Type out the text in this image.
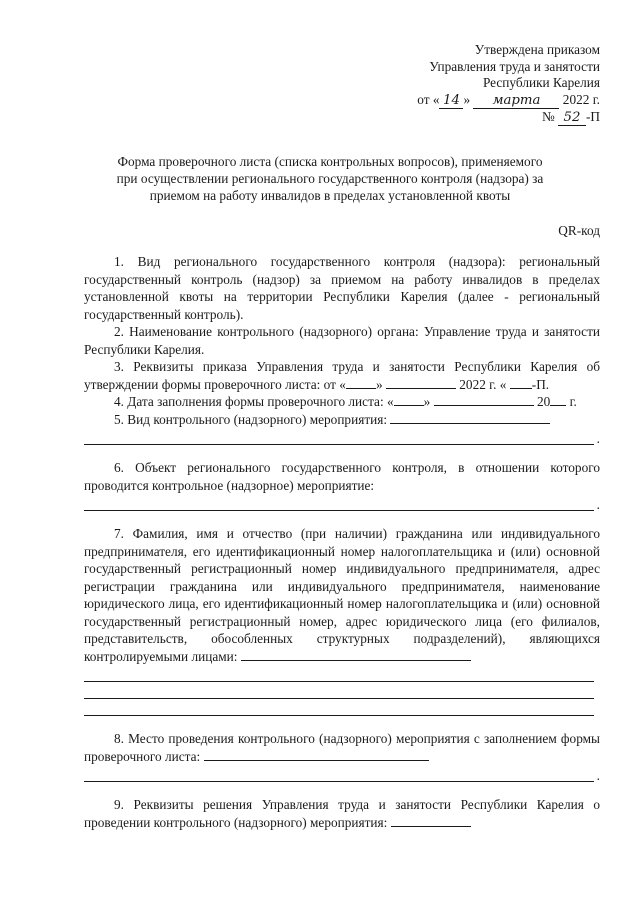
Утверждена приказом
Управления труда и занятости
Республики Карелия
от « 14 » марта 2022 г.
№ 52 -П
Форма проверочного листа (списка контрольных вопросов), применяемого
при осуществлении регионального государственного контроля (надзора) за
приемом на работу инвалидов в пределах установленной квоты
QR-код

1. Вид регионального государственного контроля (надзора): региональный государственный контроль (надзор) за приемом на работу инвалидов в пределах установленной квоты на территории Республики Карелия (далее - региональный государственный контроль).

2. Наименование контрольного (надзорного) органа: Управление труда и занятости Республики Карелия.

3. Реквизиты приказа Управления труда и занятости Республики Карелия об утверждении формы проверочного листа: от « »	2022 г. « -П.

4. Дата заполнения формы проверочного листа: « »	20 г.

5. Вид контрольного (надзорного) мероприятия:

.

6. Объект регионального государственного контроля, в отношении которого проводится контрольное (надзорное) мероприятие:

.

7. Фамилия, имя и отчество (при наличии) гражданина или индивидуального предпринимателя, его идентификационный номер налогоплательщика и (или) основной государственный регистрационный номер индивидуального предпринимателя, адрес регистрации гражданина или индивидуального предпринимателя, наименование юридического лица, его идентификационный номер налогоплательщика и (или) основной государственный регистрационный номер, адрес юридического лица (его филиалов, представительств, обособленных структурных подразделений), являющихся контролируемыми лицами:

8. Место проведения контрольного (надзорного) мероприятия с заполнением формы проверочного листа:

.

9. Реквизиты решения Управления труда и занятости Республики Карелия о проведении контрольного (надзорного) мероприятия:
